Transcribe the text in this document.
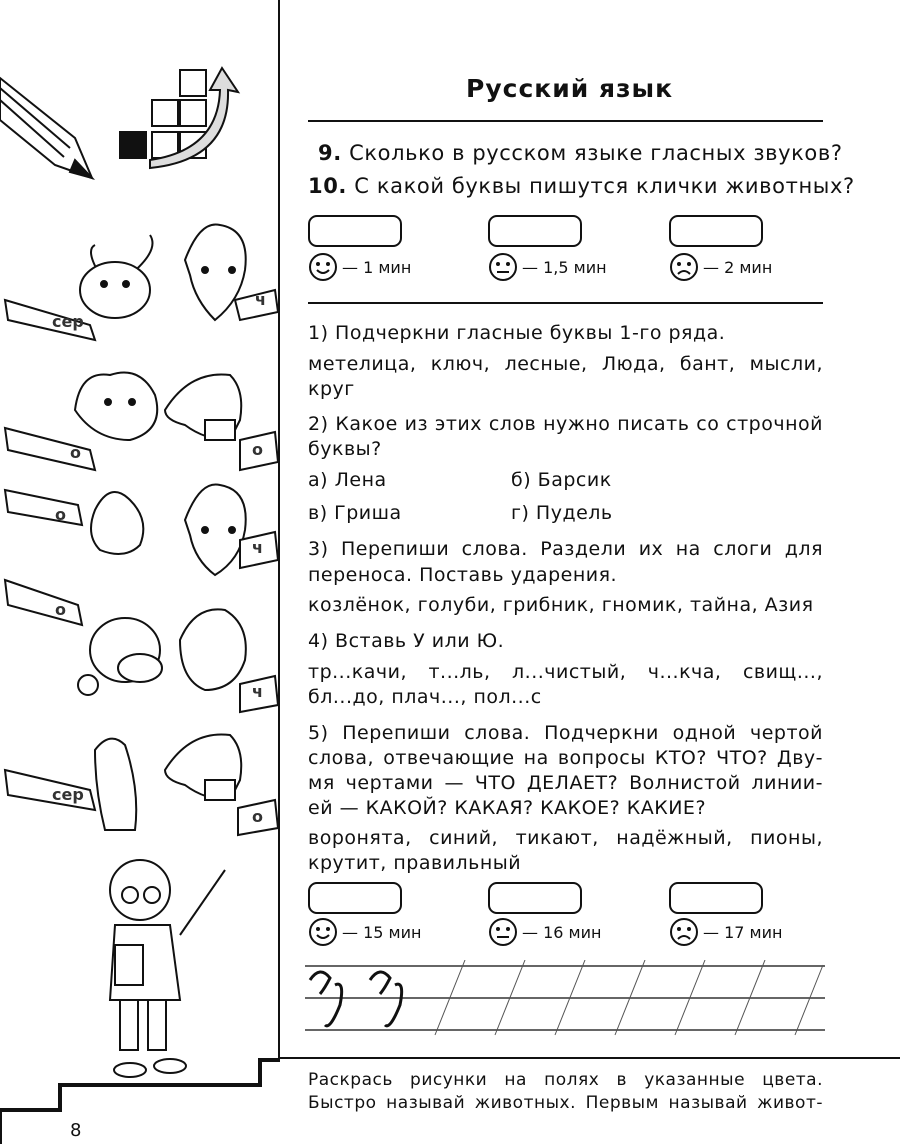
сер
ч
о	о
о
ч
о
ч
сер
о
Русский язык
9. Сколько в русском языке гласных звуков?
10. С какой буквы пишутся клички животных?
— 1 мин	— 1,5 мин	— 2 мин
1) Подчеркни гласные буквы 1-го ряда.
метелица, ключ, лесные, Люда, бант, мысли,
круг
2) Какое из этих слов нужно писать со строчной
буквы?
а) Лена	б) Барсик
в) Гриша	г) Пудель
3) Перепиши слова. Раздели их на слоги для
переноса. Поставь ударения.
козлёнок, голуби, грибник, гномик, тайна, Азия
4) Вставь У или Ю.
тр...качи, т...ль, л...чистый, ч...кча, свищ...,
бл...до, плач..., пол...с
5) Перепиши слова. Подчеркни одной чертой
слова, отвечающие на вопросы КТО? ЧТО? Дву-
мя чертами — ЧТО ДЕЛАЕТ? Волнистой линии-
ей — КАКОЙ? КАКАЯ? КАКОЕ? КАКИЕ?
воронята, синий, тикают, надёжный, пионы,
крутит, правильный
— 15 мин	— 16 мин	— 17 мин
Раскрась рисунки на полях в указанные цвета.
Быстро называй животных. Первым называй живот-
8
